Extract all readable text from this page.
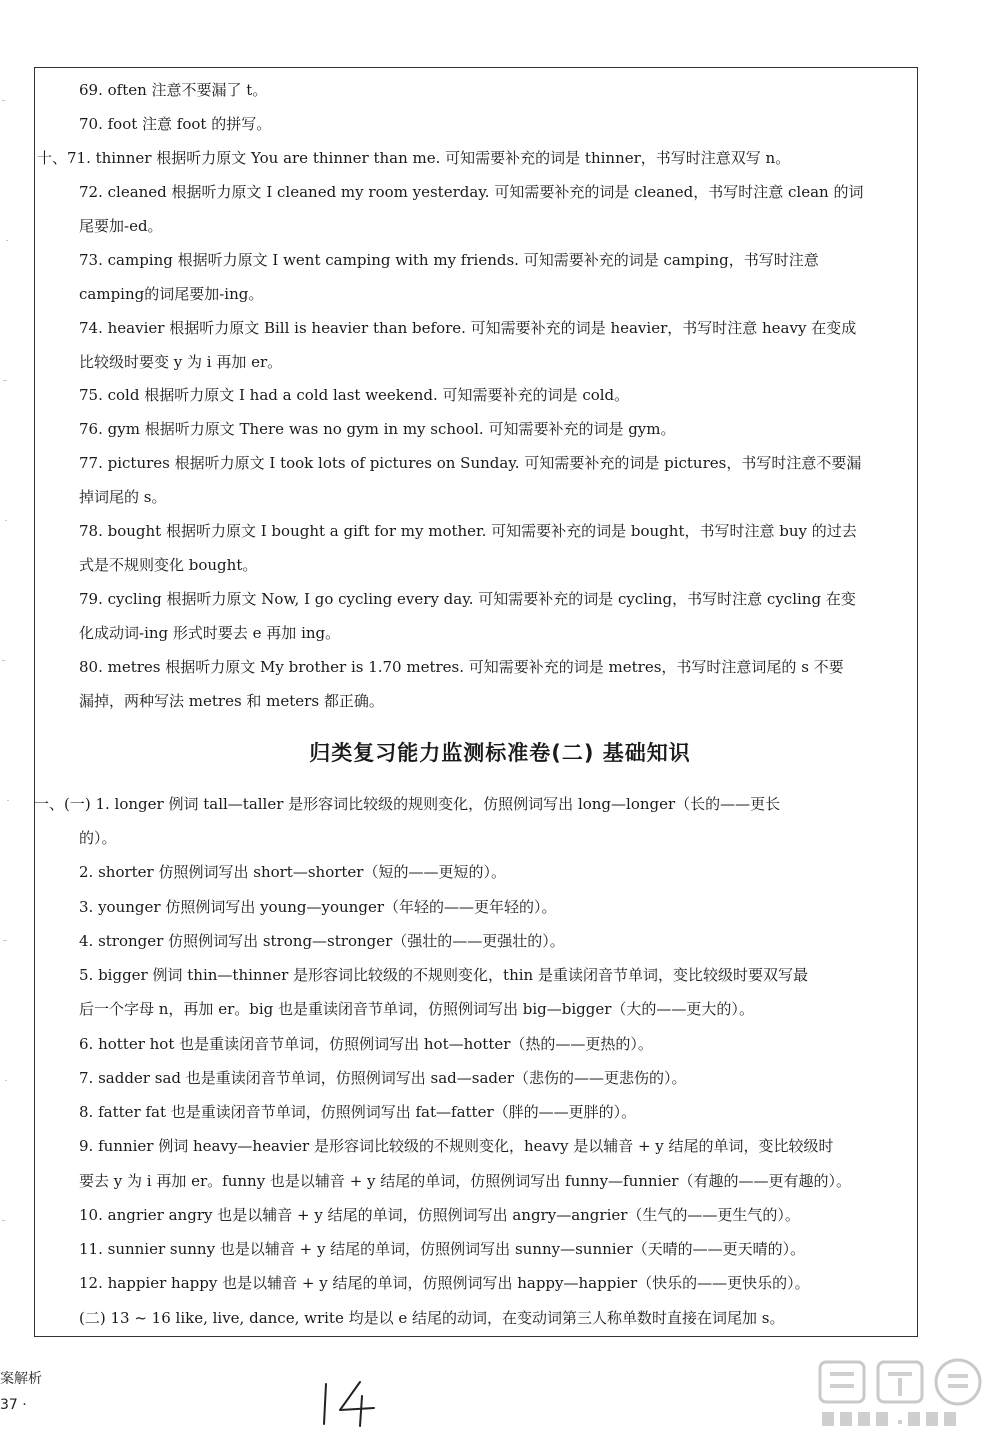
69. often 注意不要漏了 t。
70. foot 注意 foot 的拼写。
十、71. thinner 根据听力原文 You are thinner than me. 可知需要补充的词是 thinner，书写时注意双写 n。
72. cleaned 根据听力原文 I cleaned my room yesterday. 可知需要补充的词是 cleaned，书写时注意 clean 的词
尾要加-ed。
73. camping 根据听力原文 I went camping with my friends. 可知需要补充的词是 camping，书写时注意
camping的词尾要加-ing。
74. heavier 根据听力原文 Bill is heavier than before. 可知需要补充的词是 heavier，书写时注意 heavy 在变成
比较级时要变 y 为 i 再加 er。
75. cold 根据听力原文 I had a cold last weekend. 可知需要补充的词是 cold。
76. gym 根据听力原文 There was no gym in my school. 可知需要补充的词是 gym。
77. pictures 根据听力原文 I took lots of pictures on Sunday. 可知需要补充的词是 pictures，书写时注意不要漏
掉词尾的 s。
78. bought 根据听力原文 I bought a gift for my mother. 可知需要补充的词是 bought，书写时注意 buy 的过去
式是不规则变化 bought。
79. cycling 根据听力原文 Now, I go cycling every day. 可知需要补充的词是 cycling，书写时注意 cycling 在变
化成动词-ing 形式时要去 e 再加 ing。
80. metres 根据听力原文 My brother is 1.70 metres. 可知需要补充的词是 metres，书写时注意词尾的 s 不要
漏掉，两种写法 metres 和 meters 都正确。
归类复习能力监测标准卷(二) 基础知识
一、(一) 1. longer 例词 tall—taller 是形容词比较级的规则变化，仿照例词写出 long—longer（长的——更长
的）。
2. shorter 仿照例词写出 short—shorter（短的——更短的）。
3. younger 仿照例词写出 young—younger（年轻的——更年轻的）。
4. stronger 仿照例词写出 strong—stronger（强壮的——更强壮的）。
5. bigger 例词 thin—thinner 是形容词比较级的不规则变化，thin 是重读闭音节单词，变比较级时要双写最
后一个字母 n，再加 er。big 也是重读闭音节单词，仿照例词写出 big—bigger（大的——更大的）。
6. hotter hot 也是重读闭音节单词，仿照例词写出 hot—hotter（热的——更热的）。
7. sadder sad 也是重读闭音节单词，仿照例词写出 sad—sader（悲伤的——更悲伤的）。
8. fatter fat 也是重读闭音节单词，仿照例词写出 fat—fatter（胖的——更胖的）。
9. funnier 例词 heavy—heavier 是形容词比较级的不规则变化，heavy 是以辅音 + y 结尾的单词，变比较级时
要去 y 为 i 再加 er。funny 也是以辅音 + y 结尾的单词，仿照例词写出 funny—funnier（有趣的——更有趣的）。
10. angrier angry 也是以辅音 + y 结尾的单词，仿照例词写出 angry—angrier（生气的——更生气的）。
11. sunnier sunny 也是以辅音 + y 结尾的单词，仿照例词写出 sunny—sunnier（天晴的——更天晴的）。
12. happier happy 也是以辅音 + y 结尾的单词，仿照例词写出 happy—happier（快乐的——更快乐的）。
(二) 13 ~ 16 like, live, dance, write 均是以 e 结尾的动词，在变动词第三人称单数时直接在词尾加 s。
案解析
37 ·
